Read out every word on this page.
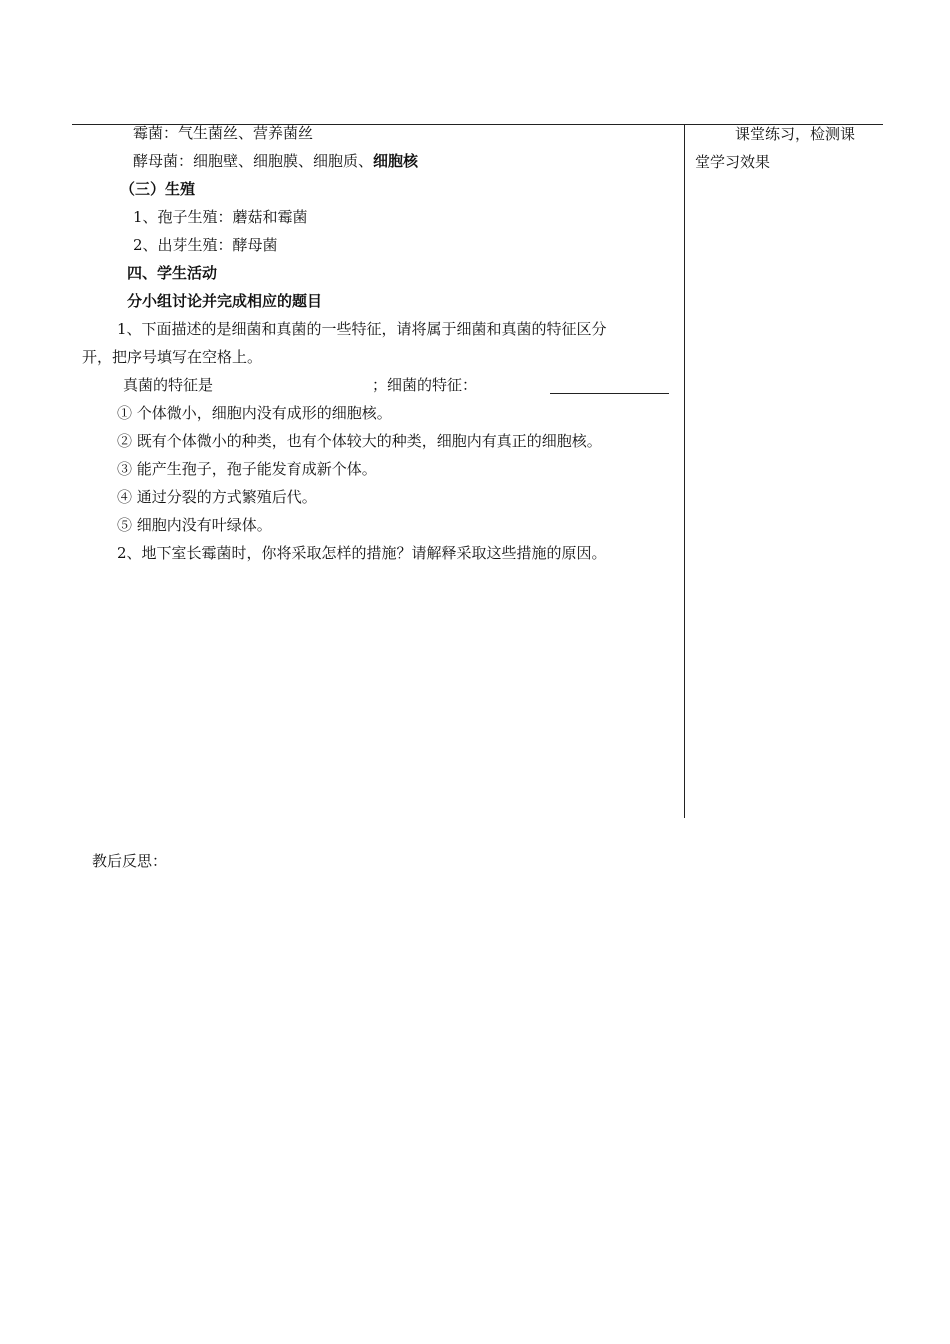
霉菌：气生菌丝、营养菌丝
酵母菌：细胞壁、细胞膜、细胞质、细胞核
（三）生殖
1、孢子生殖：蘑菇和霉菌
2、出芽生殖：酵母菌
四、学生活动
分小组讨论并完成相应的题目
1、下面描述的是细菌和真菌的一些特征，请将属于细菌和真菌的特征区分
开，把序号填写在空格上。
真菌的特征是	；细菌的特征：
① 个体微小，细胞内没有成形的细胞核。
② 既有个体微小的种类，也有个体较大的种类，细胞内有真正的细胞核。
③ 能产生孢子，孢子能发育成新个体。
④ 通过分裂的方式繁殖后代。
⑤ 细胞内没有叶绿体。
2、地下室长霉菌时，你将采取怎样的措施？请解释采取这些措施的原因。
课堂练习，检测课
堂学习效果
教后反思：
